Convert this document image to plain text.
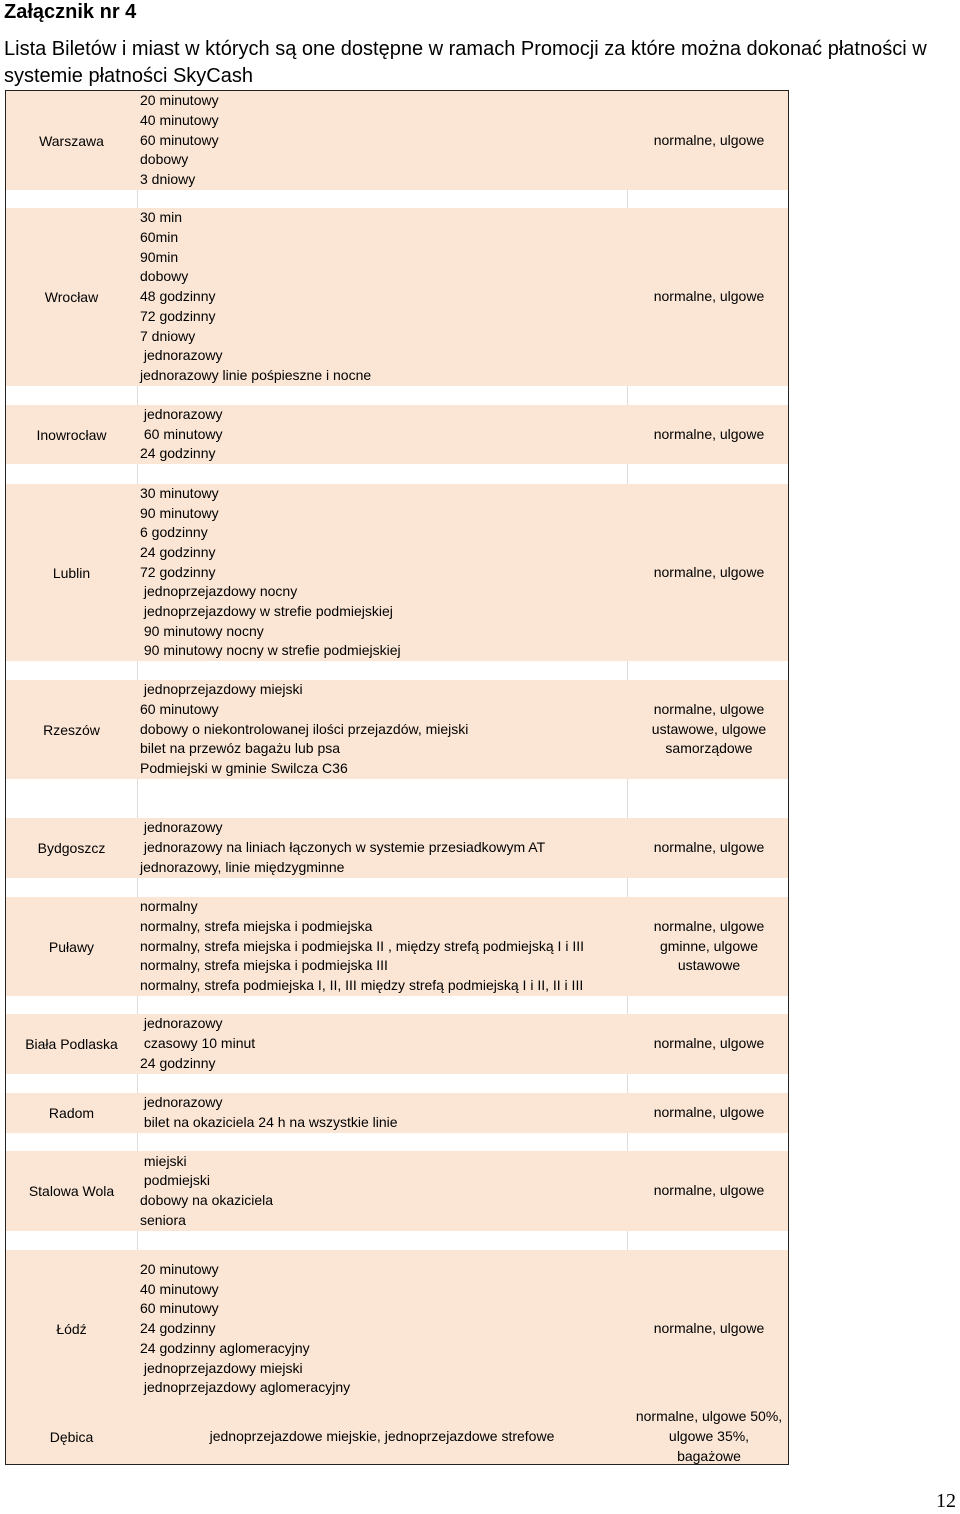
Załącznik nr 4
Lista Biletów i miast w których są one dostępne w ramach Promocji za które można dokonać płatności w systemie płatności SkyCash
Warszawa
20 minutowy
40 minutowy
60 minutowy
dobowy
3 dniowy
normalne, ulgowe
Wrocław
30 min
60min
90min
dobowy
48 godzinny
72 godzinny
7 dniowy
jednorazowy
jednorazowy linie pośpieszne i nocne
normalne, ulgowe
Inowrocław
jednorazowy
60 minutowy
24 godzinny
normalne, ulgowe
Lublin
30 minutowy
90 minutowy
6 godzinny
24 godzinny
72 godzinny
jednoprzejazdowy nocny
jednoprzejazdowy w strefie podmiejskiej
90 minutowy nocny
90 minutowy nocny w strefie podmiejskiej
normalne, ulgowe
Rzeszów
jednoprzejazdowy miejski
60 minutowy
dobowy o niekontrolowanej ilości przejazdów, miejski
bilet na przewóz bagażu lub psa
Podmiejski w gminie Swilcza C36
normalne, ulgowe
ustawowe, ulgowe
samorządowe
Bydgoszcz
jednorazowy
jednorazowy na liniach łączonych w systemie przesiadkowym AT
jednorazowy, linie międzygminne
normalne, ulgowe
Puławy
normalny
normalny, strefa miejska i podmiejska
normalny, strefa miejska i podmiejska II , między strefą podmiejską I i III
normalny, strefa miejska i podmiejska III
normalny, strefa podmiejska I, II, III między strefą podmiejską I i II, II i III
normalne, ulgowe
gminne, ulgowe
ustawowe
Biała Podlaska
jednorazowy
czasowy 10 minut
24 godzinny
normalne, ulgowe
Radom
jednorazowy
bilet na okaziciela 24 h na wszystkie linie
normalne, ulgowe
Stalowa Wola
miejski
podmiejski
dobowy na okaziciela
seniora
normalne, ulgowe
Łódź
20 minutowy
40 minutowy
60 minutowy
24 godzinny
24 godzinny aglomeracyjny
jednoprzejazdowy miejski
jednoprzejazdowy aglomeracyjny
normalne, ulgowe
Dębica	jednoprzejazdowe miejskie, jednoprzejazdowe strefowe
normalne, ulgowe 50%,
ulgowe 35%,
bagażowe
12
